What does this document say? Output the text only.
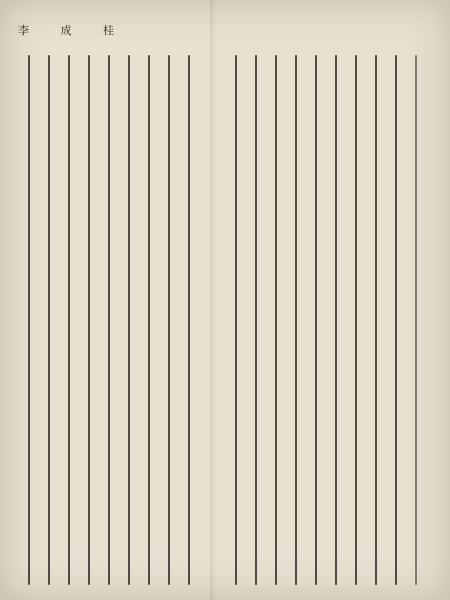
李 成 桂
